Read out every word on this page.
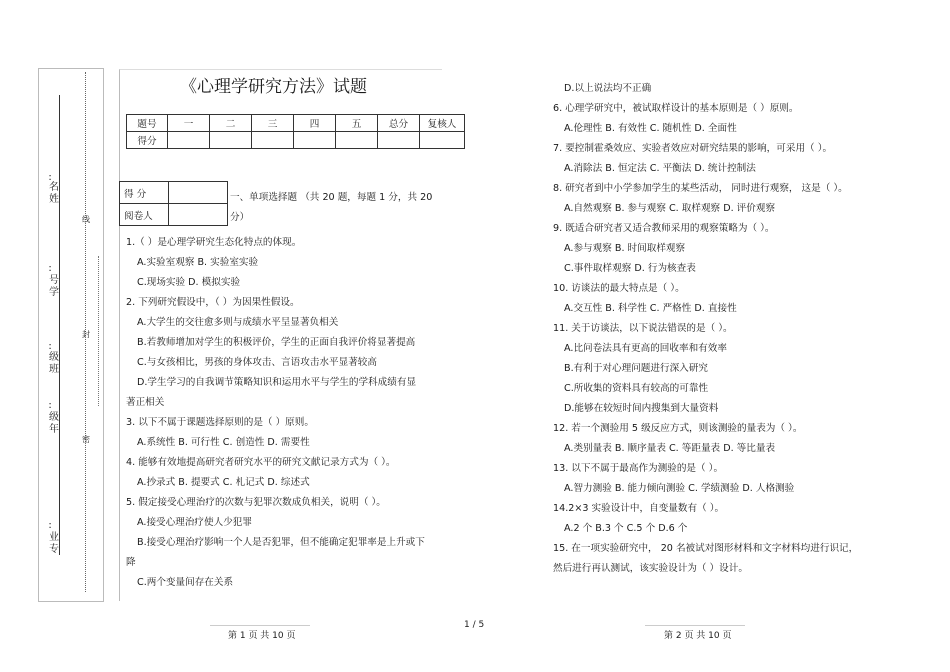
:
名
姓
:
号
学
:
级
班
:
级
年
:
业
专
线
封
密
《心理学研究方法》试题
题号	一	二	三	四	五	总分	复核人
得分							
得 分	
阅卷人	
一、单项选择题 （共 20 题，每题 1 分，共 20
分）
1.（ ）是心理学研究生态化特点的体现。
A.实验室观察 B. 实验室实验
C.现场实验 D. 模拟实验
2. 下列研究假设中，（ ）为因果性假设。
A.大学生的交往愈多则与成绩水平呈显著负相关
B.若教师增加对学生的积极评价，学生的正面自我评价将显著提高
C.与女孩相比，男孩的身体攻击、言语攻击水平显著较高
D.学生学习的自我调节策略知识和运用水平与学生的学科成绩有显
著正相关
3. 以下不属于课题选择原则的是（ ）原则。
A.系统性 B. 可行性 C. 创造性 D. 需要性
4. 能够有效地提高研究者研究水平的研究文献记录方式为（ ）。
A.抄录式 B. 提要式 C. 札记式 D. 综述式
5. 假定接受心理治疗的次数与犯罪次数成负相关，说明（ ）。
A.接受心理治疗使人少犯罪
B.接受心理治疗影响一个人是否犯罪，但不能确定犯罪率是上升或下
降
C.两个变量间存在关系
D.以上说法均不正确
6. 心理学研究中，被试取样设计的基本原则是（ ）原则。
A.伦理性 B. 有效性 C. 随机性 D. 全面性
7. 要控制霍桑效应、实验者效应对研究结果的影响，可采用（ ）。
A.消除法 B. 恒定法 C. 平衡法 D. 统计控制法
8. 研究者到中小学参加学生的某些活动， 同时进行观察， 这是（ ）。
A.自然观察 B. 参与观察 C. 取样观察 D. 评价观察
9. 既适合研究者又适合教师采用的观察策略为（ ）。
A.参与观察 B. 时间取样观察
C.事件取样观察 D. 行为核查表
10. 访谈法的最大特点是（ ）。
A.交互性 B. 科学性 C. 严格性 D. 直接性
11. 关于访谈法，以下说法错误的是（ ）。
A.比问卷法具有更高的回收率和有效率
B.有利于对心理问题进行深入研究
C.所收集的资料具有较高的可靠性
D.能够在较短时间内搜集到大量资料
12. 若一个测验用 5 级反应方式，则该测验的量表为（ ）。
A.类别量表 B. 顺序量表 C. 等距量表 D. 等比量表
13. 以下不属于最高作为测验的是（ ）。
A.智力测验 B. 能力倾向测验 C. 学绩测验 D. 人格测验
14.2×3 实验设计中，自变量数有（ ）。
A.2 个 B.3 个 C.5 个 D.6 个
15. 在一项实验研究中， 20 名被试对图形材料和文字材料均进行识记，
然后进行再认测试，该实验设计为（ ）设计。
第 1 页 共 10 页
1 / 5
第 2 页 共 10 页
